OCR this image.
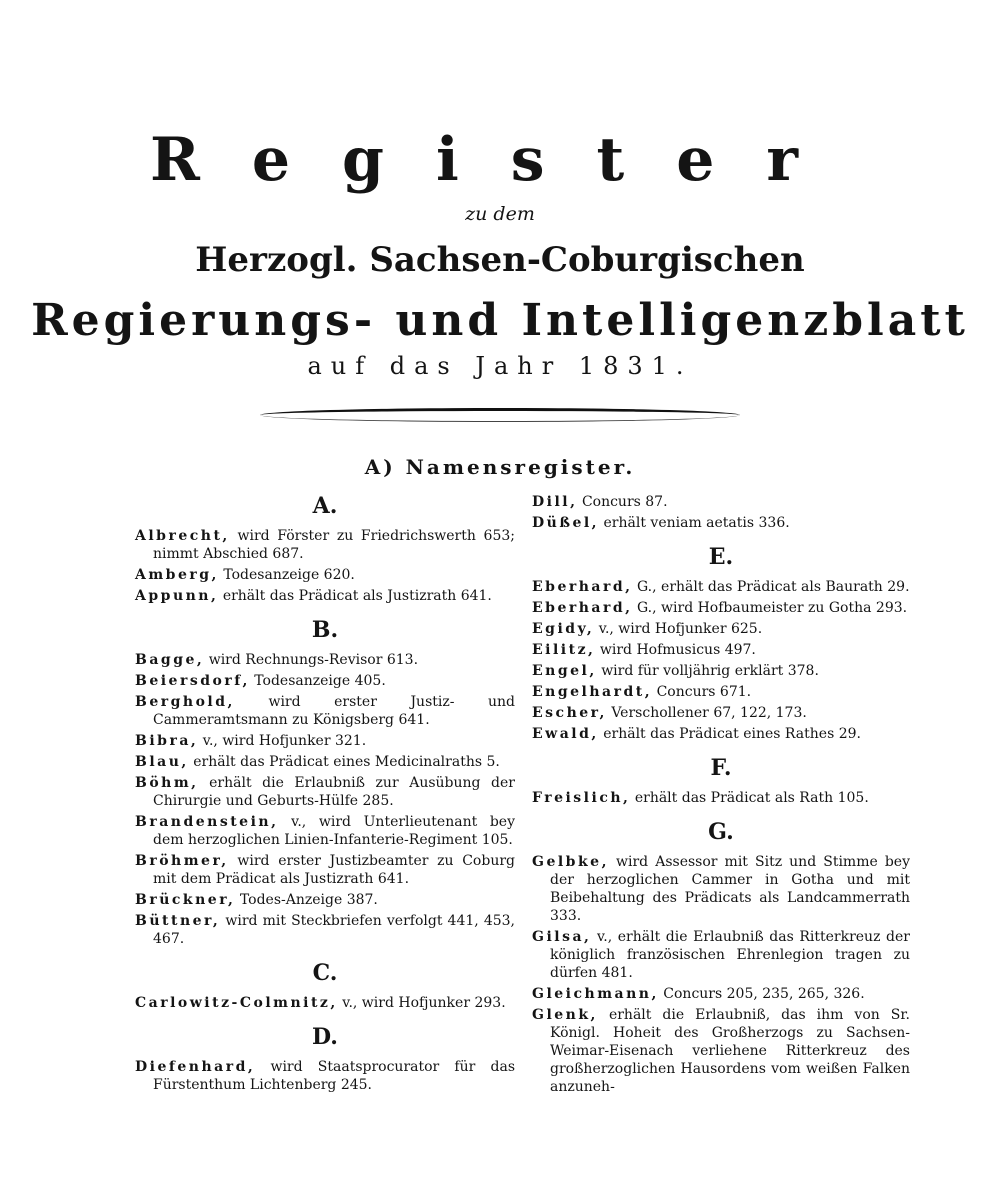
Register
zu dem
Herzogl. Sachsen-Coburgischen
Regierungs- und Intelligenzblatt
auf das Jahr 1831.
A) Namensregister.
A.
Albrecht, wird Förster zu Friedrichswerth 653; nimmt Abschied 687.
Amberg, Todesanzeige 620.
Appunn, erhält das Prädicat als Justizrath 641.
B.
Bagge, wird Rechnungs-Revisor 613.
Beiersdorf, Todesanzeige 405.
Berghold, wird erster Justiz- und Cammeramtsmann zu Königsberg 641.
Bibra, v., wird Hofjunker 321.
Blau, erhält das Prädicat eines Medicinalraths 5.
Böhm, erhält die Erlaubniß zur Ausübung der Chirurgie und Geburts-Hülfe 285.
Brandenstein, v., wird Unterlieutenant bey dem herzoglichen Linien-Infanterie-Regiment 105.
Bröhmer, wird erster Justizbeamter zu Coburg mit dem Prädicat als Justizrath 641.
Brückner, Todes-Anzeige 387.
Büttner, wird mit Steckbriefen verfolgt 441, 453, 467.
C.
Carlowitz-Colmnitz, v., wird Hofjunker 293.
D.
Diefenhard, wird Staatsprocurator für das Fürstenthum Lichtenberg 245.
Dill, Concurs 87.
Düßel, erhält veniam aetatis 336.
E.
Eberhard, G., erhält das Prädicat als Baurath 29.
Eberhard, G., wird Hofbaumeister zu Gotha 293.
Egidy, v., wird Hofjunker 625.
Eilitz, wird Hofmusicus 497.
Engel, wird für volljährig erklärt 378.
Engelhardt, Concurs 671.
Escher, Verschollener 67, 122, 173.
Ewald, erhält das Prädicat eines Rathes 29.
F.
Freislich, erhält das Prädicat als Rath 105.
G.
Gelbke, wird Assessor mit Sitz und Stimme bey der herzoglichen Cammer in Gotha und mit Beibehaltung des Prädicats als Landcammerrath 333.
Gilsa, v., erhält die Erlaubniß das Ritterkreuz der königlich französischen Ehrenlegion tragen zu dürfen 481.
Gleichmann, Concurs 205, 235, 265, 326.
Glenk, erhält die Erlaubniß, das ihm von Sr. Königl. Hoheit des Großherzogs zu Sachsen-Weimar-Eisenach verliehene Ritterkreuz des großherzoglichen Hausordens vom weißen Falken anzuneh-
